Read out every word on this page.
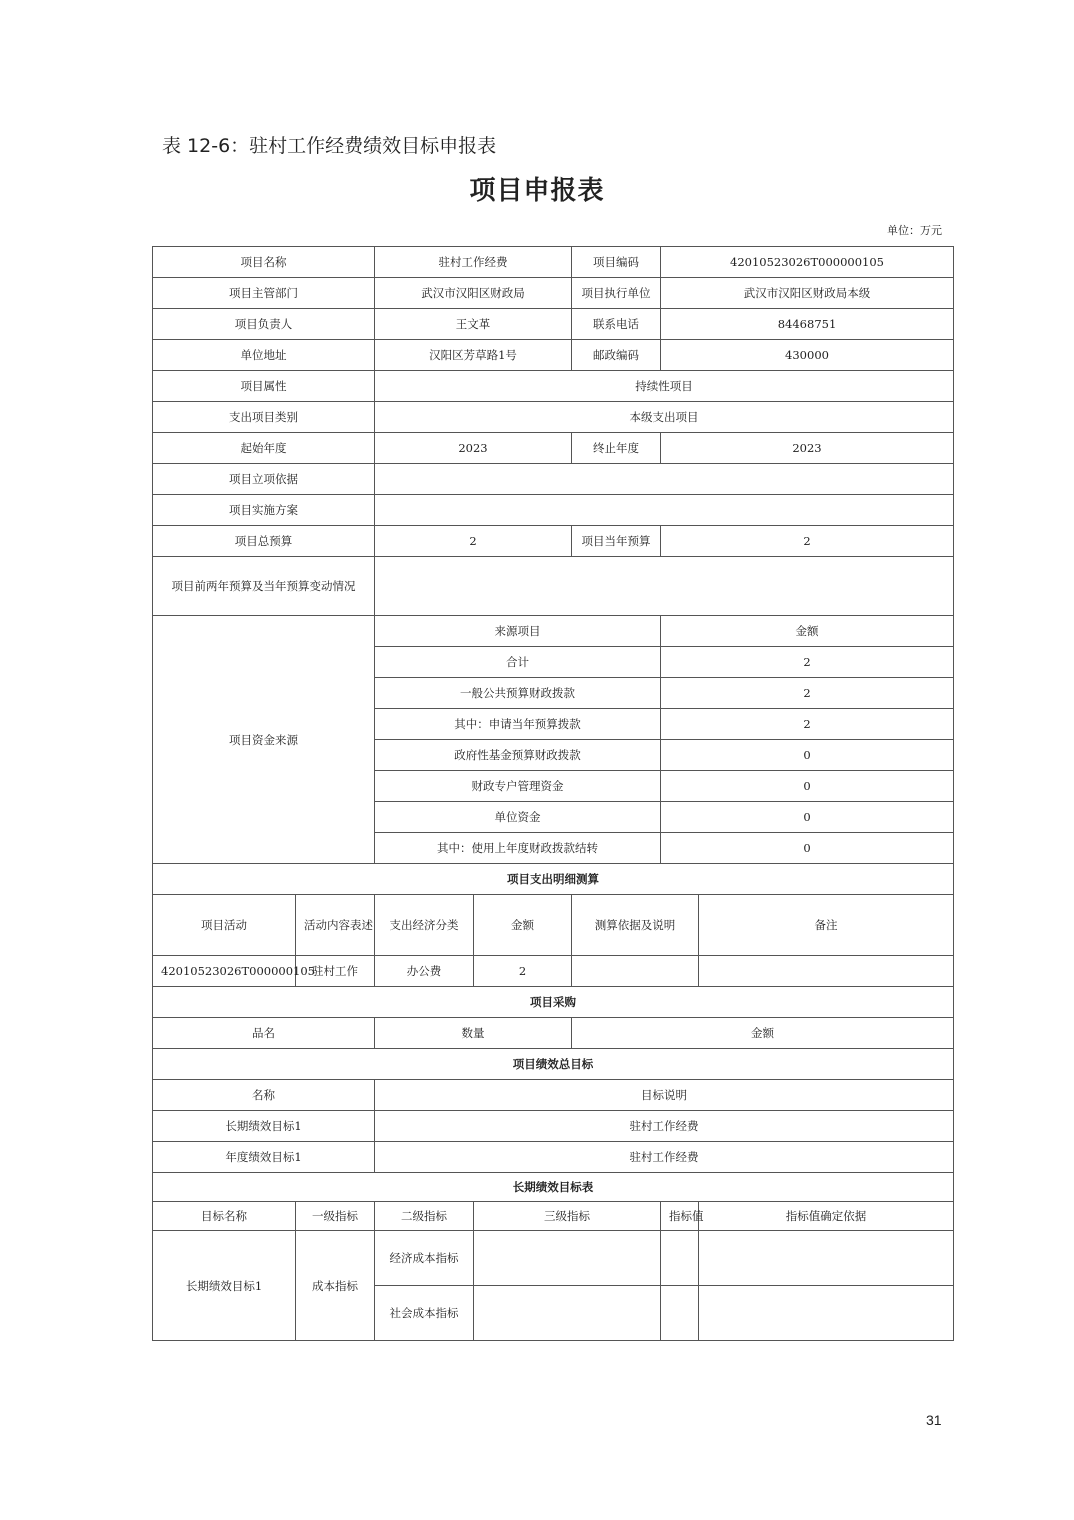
表 12-6：驻村工作经费绩效目标申报表
项目申报表
单位：万元
项目名称		驻村工作经费		项目编码	42010523026T000000105	
项目主管部门		武汉市汉阳区财政局		项目执行单位	武汉市汉阳区财政局本级	
项目负责人		王文革		联系电话	84468751	
单位地址		汉阳区芳草路1号		邮政编码	430000	
项目属性		持续性项目				
支出项目类别		本级支出项目				
起始年度		2023		终止年度	2023	
项目立项依据						
项目实施方案						
项目总预算		2		项目当年预算	2	
项目前两年预算及当年预算变动情况						
项目资金来源		来源项目			金额	
		合计			2	
		一般公共预算财政拨款			2	
		其中：申请当年预算拨款			2	
		政府性基金预算财政拨款			0	
		财政专户管理资金			0	
		单位资金			0	
		其中：使用上年度财政拨款结转			0	
项目支出明细测算						
项目活动	活动内容表述	支出经济分类	金额	测算依据及说明		备注
42010523026T000000105	驻村工作	办公费	2			
项目采购						
品名		数量		金额		
项目绩效总目标						
名称		目标说明				
长期绩效目标1		驻村工作经费				
年度绩效目标1		驻村工作经费				
长期绩效目标表						
目标名称	一级指标	二级指标	三级指标		指标值	指标值确定依据
长期绩效目标1	成本指标	经济成本指标				
		社会成本指标				
31
